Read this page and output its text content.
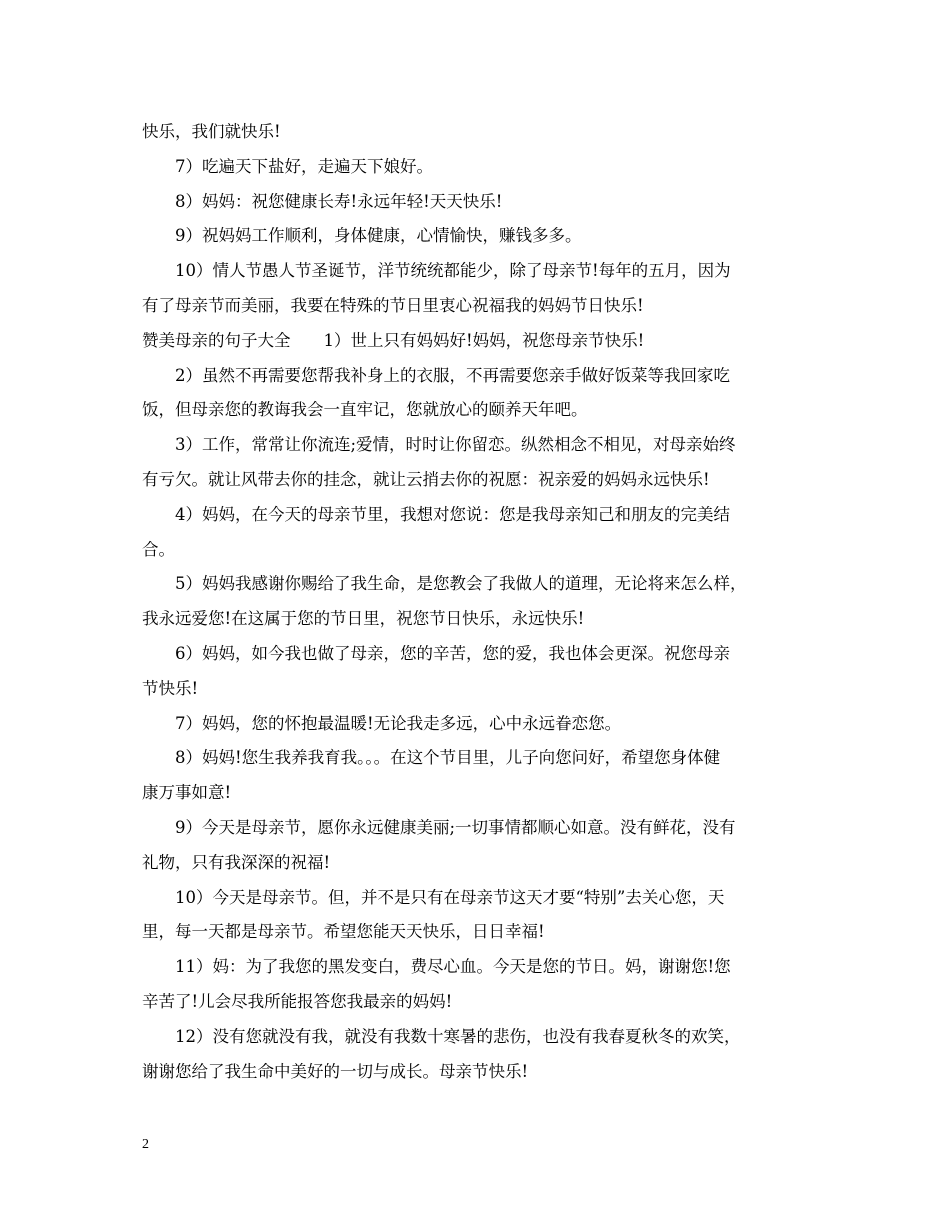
快乐，我们就快乐!
7）吃遍天下盐好，走遍天下娘好。
8）妈妈：祝您健康长寿!永远年轻!天天快乐!
9）祝妈妈工作顺利，身体健康，心情愉快，赚钱多多。
10）情人节愚人节圣诞节，洋节统统都能少，除了母亲节!每年的五月，因为
有了母亲节而美丽，我要在特殊的节日里衷心祝福我的妈妈节日快乐!
赞美母亲的句子大全　　1）世上只有妈妈好!妈妈，祝您母亲节快乐!
2）虽然不再需要您帮我补身上的衣服，不再需要您亲手做好饭菜等我回家吃
饭，但母亲您的教诲我会一直牢记，您就放心的颐养天年吧。
3）工作，常常让你流连;爱情，时时让你留恋。纵然相念不相见，对母亲始终
有亏欠。就让风带去你的挂念，就让云捎去你的祝愿：祝亲爱的妈妈永远快乐!
4）妈妈，在今天的母亲节里，我想对您说：您是我母亲知己和朋友的完美结
合。
5）妈妈我感谢你赐给了我生命，是您教会了我做人的道理，无论将来怎么样，
我永远爱您!在这属于您的节日里，祝您节日快乐，永远快乐!
6）妈妈，如今我也做了母亲，您的辛苦，您的爱，我也体会更深。祝您母亲
节快乐!
7）妈妈，您的怀抱最温暖!无论我走多远，心中永远眷恋您。
8）妈妈!您生我养我育我。。。在这个节目里，儿子向您问好，希望您身体健
康万事如意!
9）今天是母亲节，愿你永远健康美丽;一切事情都顺心如意。没有鲜花，没有
礼物，只有我深深的祝福!
10）今天是母亲节。但，并不是只有在母亲节这天才要“特别”去关心您，天
里，每一天都是母亲节。希望您能天天快乐，日日幸福!
11）妈：为了我您的黑发变白，费尽心血。今天是您的节日。妈，谢谢您!您
辛苦了!儿会尽我所能报答您我最亲的妈妈!
12）没有您就没有我，就没有我数十寒暑的悲伤，也没有我春夏秋冬的欢笑，
谢谢您给了我生命中美好的一切与成长。母亲节快乐!
2
